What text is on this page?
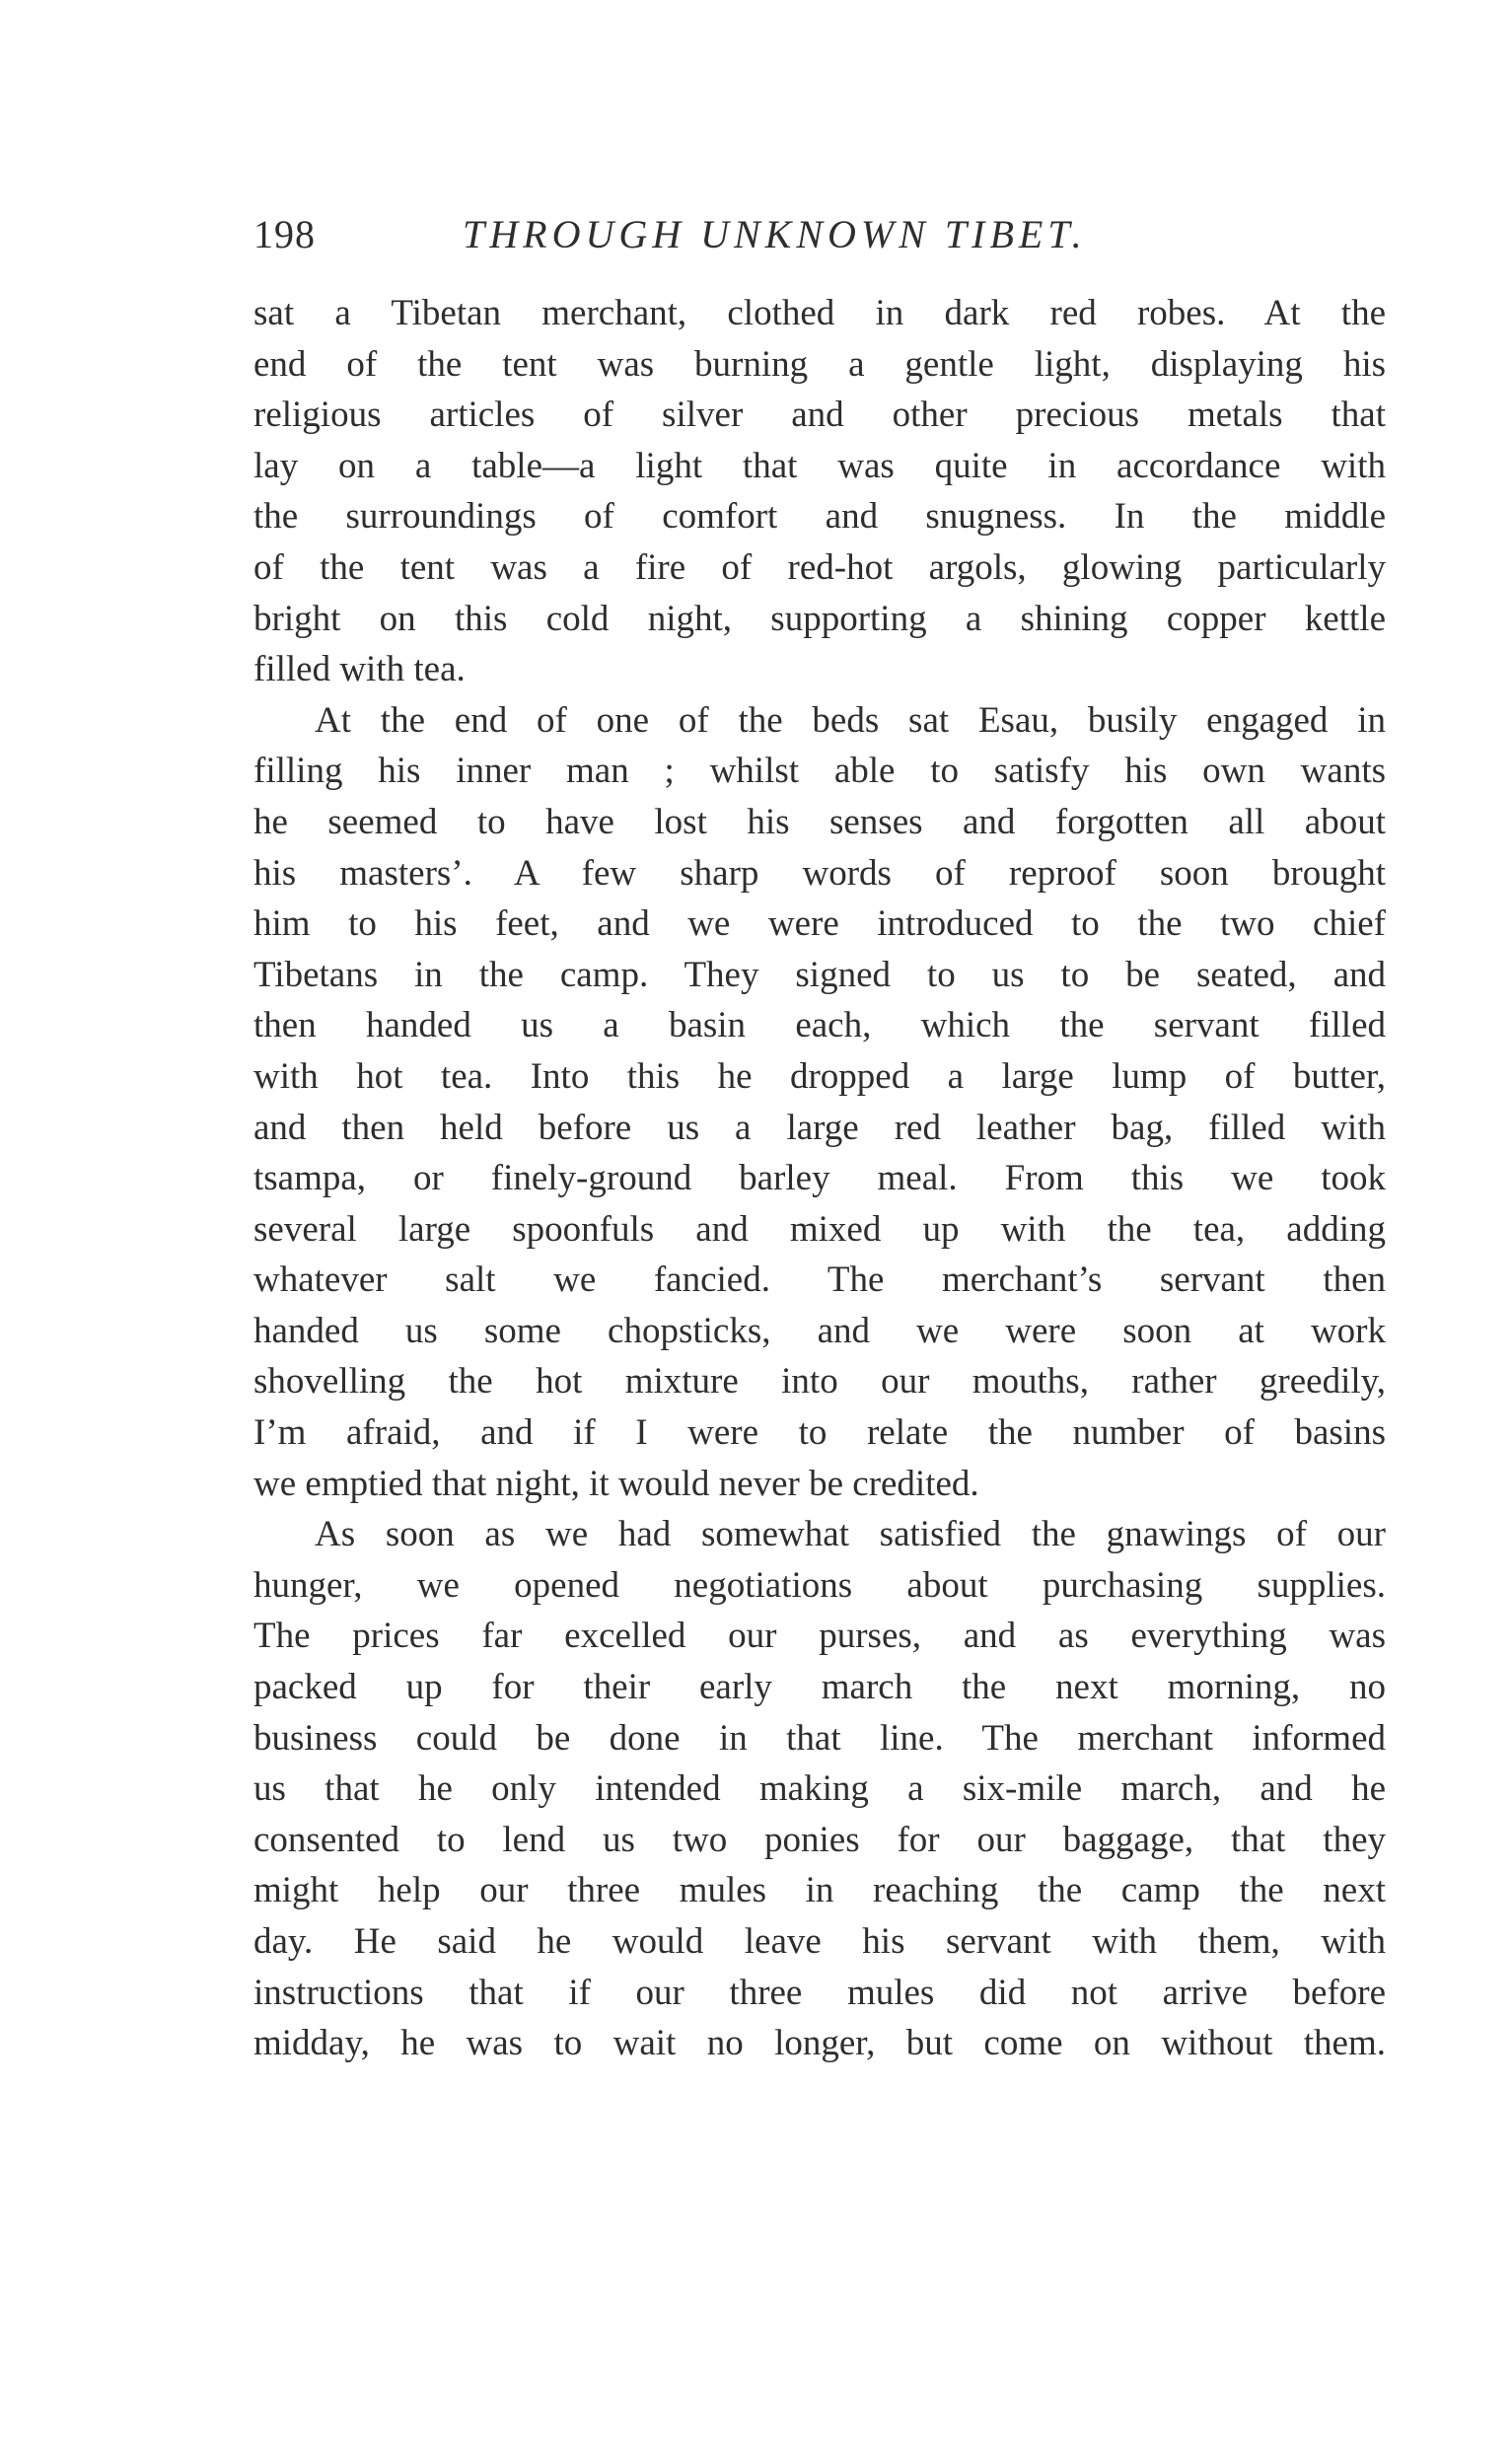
198	THROUGH UNKNOWN TIBET.
sat a Tibetan merchant, clothed in dark red robes. At the
end of the tent was burning a gentle light, displaying his
religious articles of silver and other precious metals that
lay on a table—a light that was quite in accordance with
the surroundings of comfort and snugness. In the middle
of the tent was a fire of red-hot argols, glowing particularly
bright on this cold night, supporting a shining copper kettle
filled with tea.
At the end of one of the beds sat Esau, busily engaged in
filling his inner man ; whilst able to satisfy his own wants
he seemed to have lost his senses and forgotten all about
his masters’. A few sharp words of reproof soon brought
him to his feet, and we were introduced to the two chief
Tibetans in the camp. They signed to us to be seated, and
then handed us a basin each, which the servant filled
with hot tea. Into this he dropped a large lump of butter,
and then held before us a large red leather bag, filled with
tsampa, or finely-ground barley meal. From this we took
several large spoonfuls and mixed up with the tea, adding
whatever salt we fancied. The merchant’s servant then
handed us some chopsticks, and we were soon at work
shovelling the hot mixture into our mouths, rather greedily,
I’m afraid, and if I were to relate the number of basins
we emptied that night, it would never be credited.
As soon as we had somewhat satisfied the gnawings of our
hunger, we opened negotiations about purchasing supplies.
The prices far excelled our purses, and as everything was
packed up for their early march the next morning, no
business could be done in that line. The merchant informed
us that he only intended making a six-mile march, and he
consented to lend us two ponies for our baggage, that they
might help our three mules in reaching the camp the next
day. He said he would leave his servant with them, with
instructions that if our three mules did not arrive before
midday, he was to wait no longer, but come on without them.
